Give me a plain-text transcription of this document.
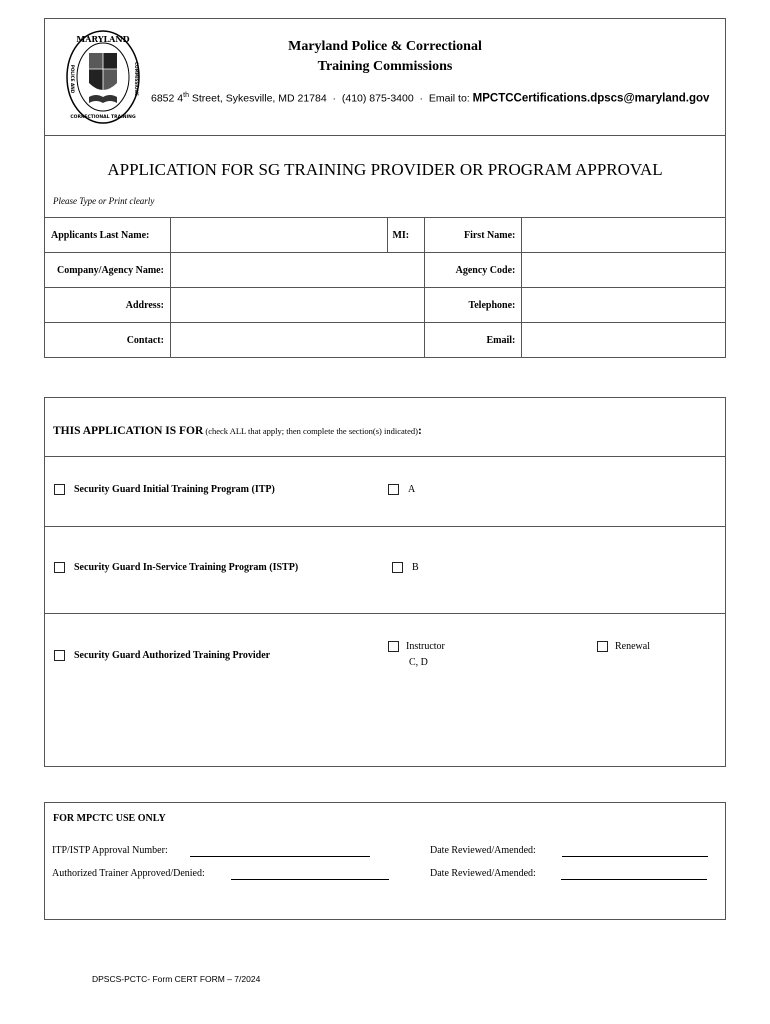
MARYLAND
CORRECTIONAL TRAINING
POLICE AND	COMMISSIONS
Maryland Police & Correctional
Training Commissions
6852 4th Street, Sykesville, MD 21784  ·  (410) 875-3400  ·  Email to: MPCTCCertifications.dpscs@maryland.gov
APPLICATION FOR SG TRAINING PROVIDER OR PROGRAM APPROVAL
Please Type or Print clearly
Applicants Last Name:		MI:	First Name:	
Company/Agency Name:			Agency Code:	
Address:			Telephone:	
Contact:			Email:	
THIS APPLICATION IS FOR (check ALL that apply; then complete the section(s) indicated):
Security Guard Initial Training Program (ITP)	A
Security Guard In-Service Training Program (ISTP)	B
Security Guard Authorized Training Provider
Instructor
C, D
Renewal
FOR MPCTC USE ONLY
ITP/ISTP Approval Number:	Date Reviewed/Amended:
Authorized Trainer Approved/Denied:	Date Reviewed/Amended:
DPSCS-PCTC- Form CERT FORM – 7/2024
